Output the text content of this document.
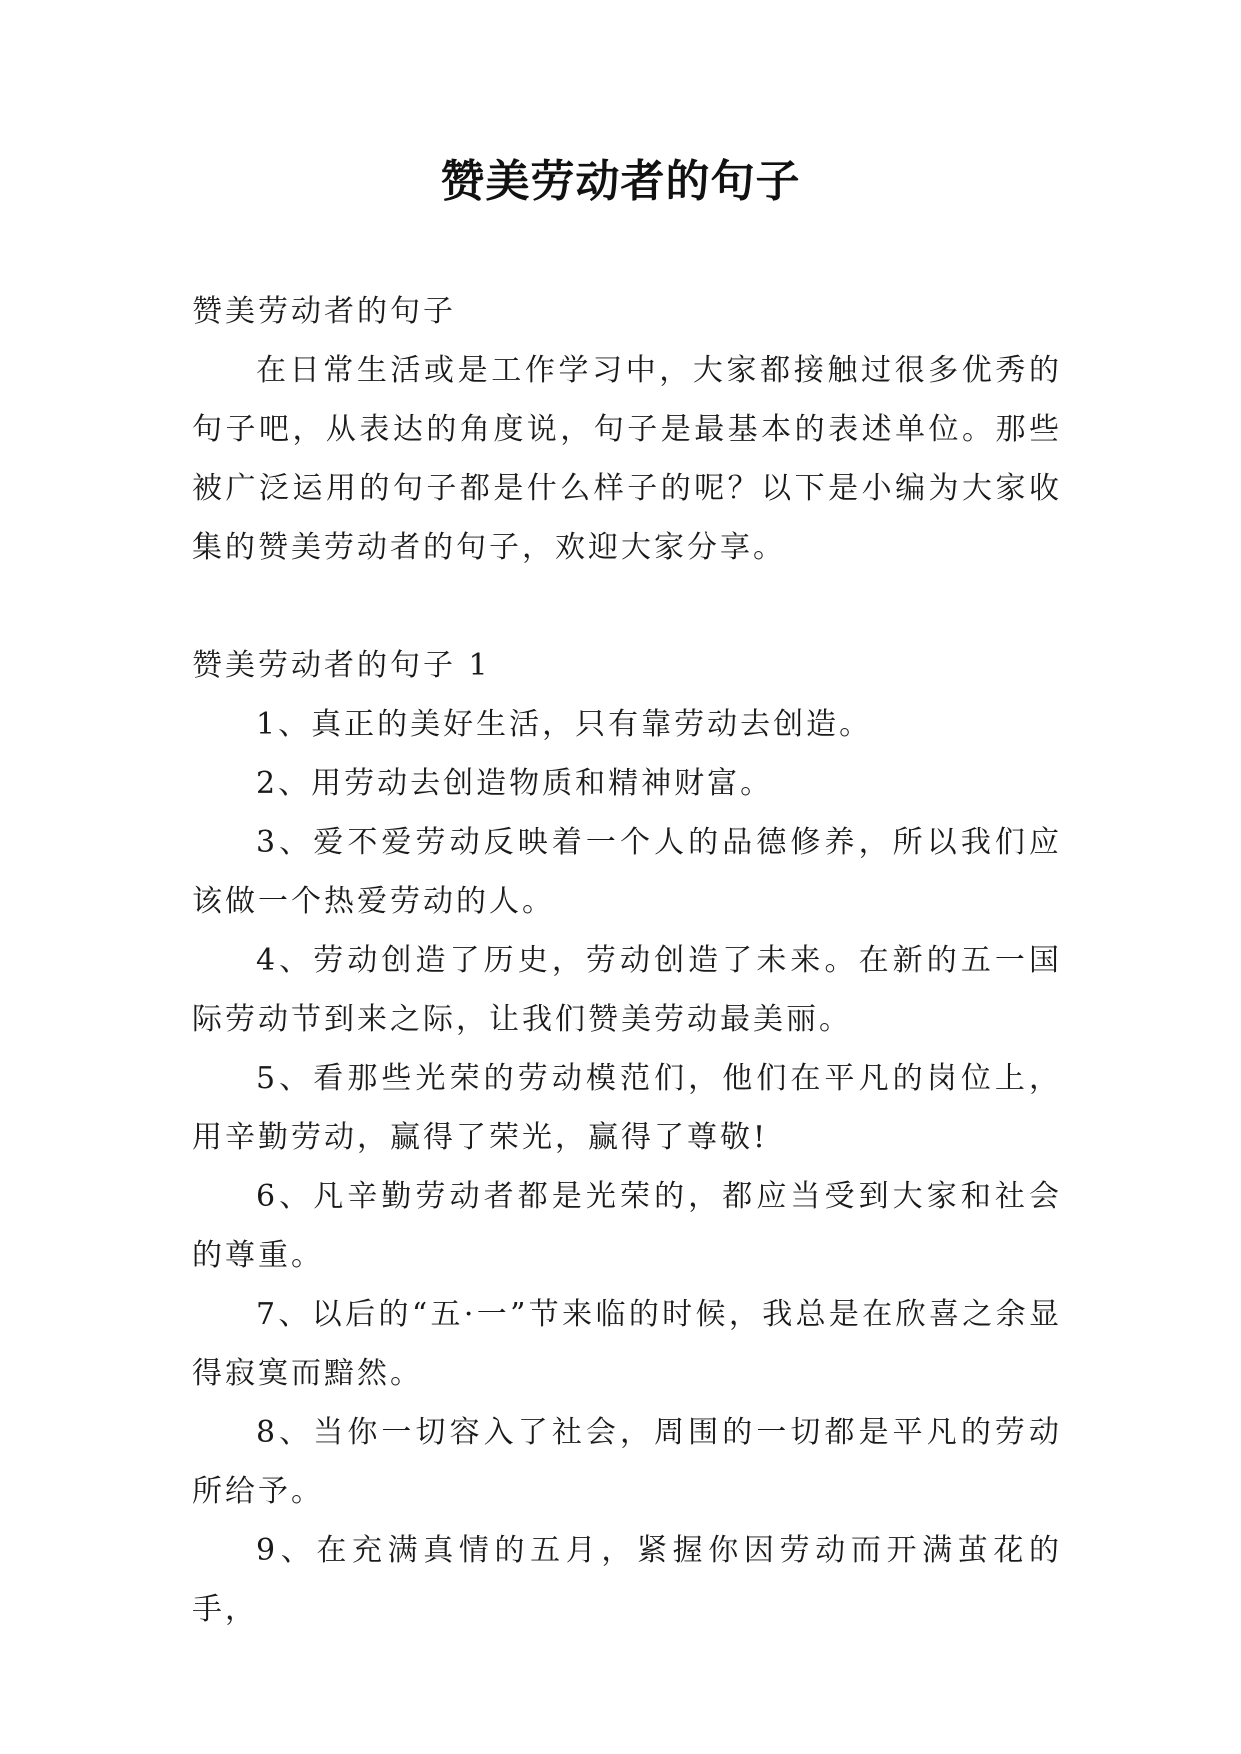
赞美劳动者的句子

赞美劳动者的句子

在日常生活或是工作学习中，大家都接触过很多优秀的句子吧，从表达的角度说，句子是最基本的表述单位。那些被广泛运用的句子都是什么样子的呢？以下是小编为大家收集的赞美劳动者的句子，欢迎大家分享。

赞美劳动者的句子 1

1、真正的美好生活，只有靠劳动去创造。

2、用劳动去创造物质和精神财富。

3、爱不爱劳动反映着一个人的品德修养，所以我们应该做一个热爱劳动的人。

4、劳动创造了历史，劳动创造了未来。在新的五一国际劳动节到来之际，让我们赞美劳动最美丽。

5、看那些光荣的劳动模范们，他们在平凡的岗位上，用辛勤劳动，赢得了荣光，赢得了尊敬!

6、凡辛勤劳动者都是光荣的，都应当受到大家和社会的尊重。

7、以后的“五·一”节来临的时候，我总是在欣喜之余显得寂寞而黯然。

8、当你一切容入了社会，周围的一切都是平凡的劳动所给予。

9、在充满真情的五月，紧握你因劳动而开满茧花的手，
